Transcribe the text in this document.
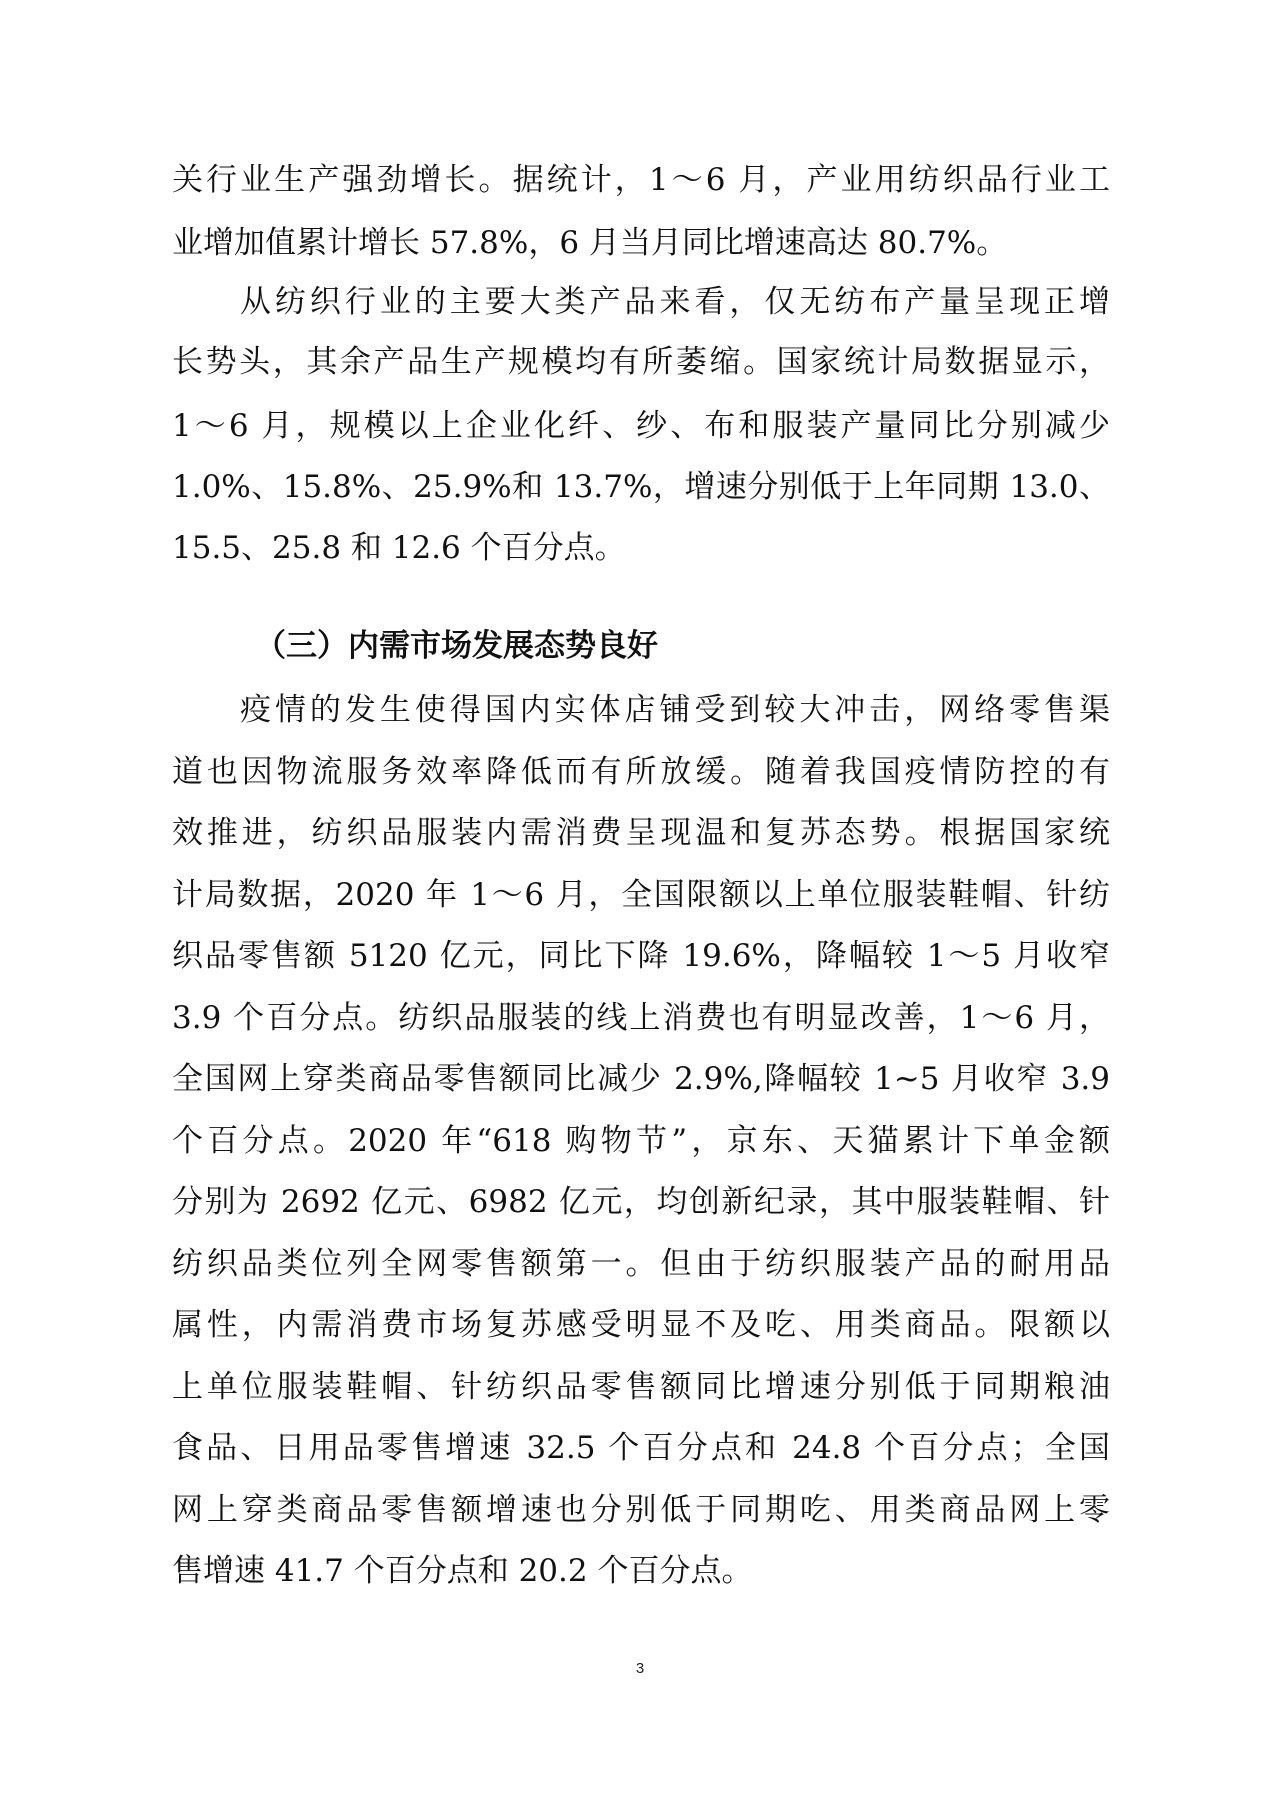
关行业生产强劲增长。据统计，1～6 月，产业用纺织品行业工
业增加值累计增长 57.8%，6 月当月同比增速高达 80.7%。
从纺织行业的主要大类产品来看，仅无纺布产量呈现正增
长势头，其余产品生产规模均有所萎缩。国家统计局数据显示，
1～6 月，规模以上企业化纤、纱、布和服装产量同比分别减少
1.0%、15.8%、25.9%和 13.7%，增速分别低于上年同期 13.0、
15.5、25.8 和 12.6 个百分点。
（三）内需市场发展态势良好
疫情的发生使得国内实体店铺受到较大冲击，网络零售渠
道也因物流服务效率降低而有所放缓。随着我国疫情防控的有
效推进，纺织品服装内需消费呈现温和复苏态势。根据国家统
计局数据，2020 年 1～6 月，全国限额以上单位服装鞋帽、针纺
织品零售额 5120 亿元，同比下降 19.6%，降幅较 1～5 月收窄
3.9 个百分点。纺织品服装的线上消费也有明显改善，1～6 月，
全国网上穿类商品零售额同比减少 2.9%,降幅较 1~5 月收窄 3.9
个百分点。2020 年“618 购物节”，京东、天猫累计下单金额
分别为 2692 亿元、6982 亿元，均创新纪录，其中服装鞋帽、针
纺织品类位列全网零售额第一。但由于纺织服装产品的耐用品
属性，内需消费市场复苏感受明显不及吃、用类商品。限额以
上单位服装鞋帽、针纺织品零售额同比增速分别低于同期粮油
食品、日用品零售增速 32.5 个百分点和 24.8 个百分点；全国
网上穿类商品零售额增速也分别低于同期吃、用类商品网上零
售增速 41.7 个百分点和 20.2 个百分点。
3
